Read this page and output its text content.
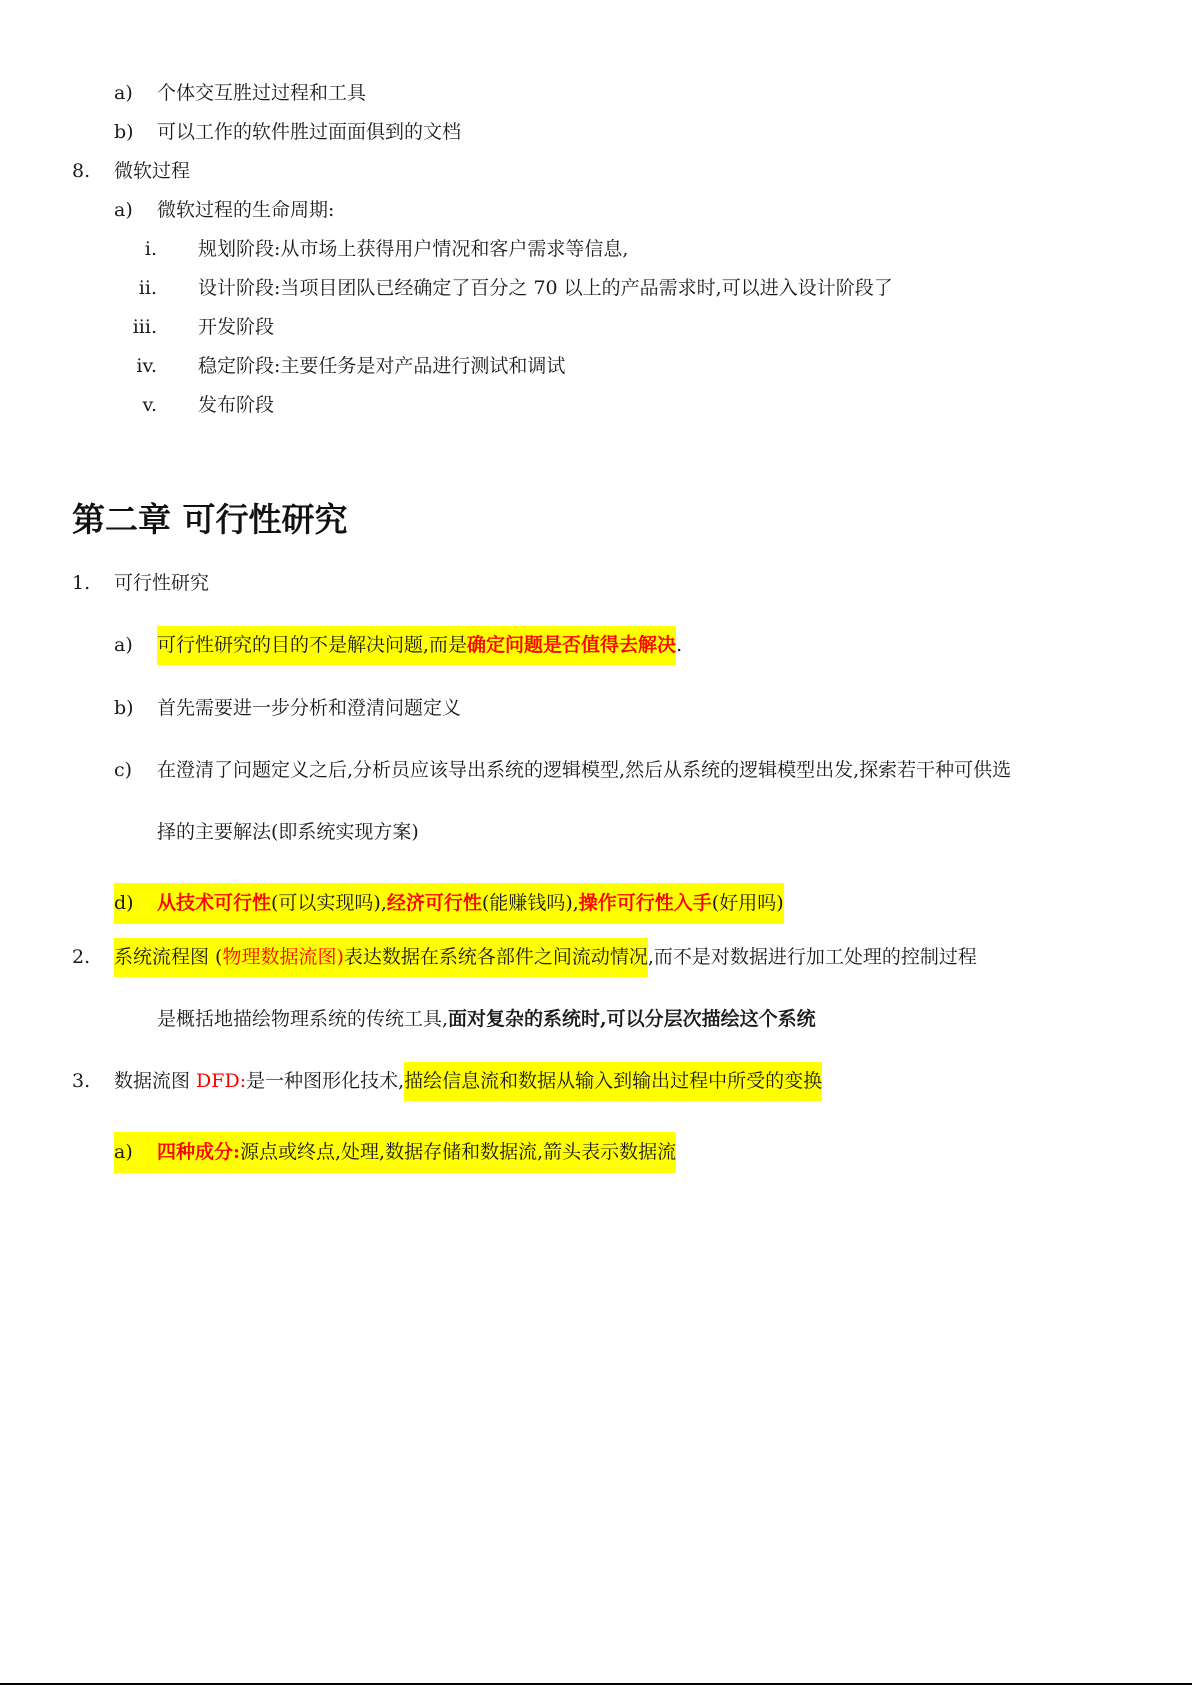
a) 个体交互胜过过程和工具
b) 可以工作的软件胜过面面俱到的文档
8. 微软过程
a) 微软过程的生命周期:
i. 规划阶段:从市场上获得用户情况和客户需求等信息,
ii. 设计阶段:当项目团队已经确定了百分之 70 以上的产品需求时,可以进入设计阶段了
iii. 开发阶段
iv. 稳定阶段:主要任务是对产品进行测试和调试
v. 发布阶段
第二章 可行性研究
1. 可行性研究
a) 可行性研究的目的不是解决问题,而是确定问题是否值得去解决.
b) 首先需要进一步分析和澄清问题定义
c) 在澄清了问题定义之后,分析员应该导出系统的逻辑模型,然后从系统的逻辑模型出发,探索若干种可供选
择的主要解法(即系统实现方案)
d) 从技术可行性(可以实现吗),经济可行性(能赚钱吗),操作可行性入手(好用吗)
2. 系统流程图 (物理数据流图)表达数据在系统各部件之间流动情况,而不是对数据进行加工处理的控制过程
是概括地描绘物理系统的传统工具,面对复杂的系统时,可以分层次描绘这个系统
3. 数据流图 DFD:是一种图形化技术,描绘信息流和数据从输入到输出过程中所受的变换
a) 四种成分:源点或终点,处理,数据存储和数据流,箭头表示数据流
